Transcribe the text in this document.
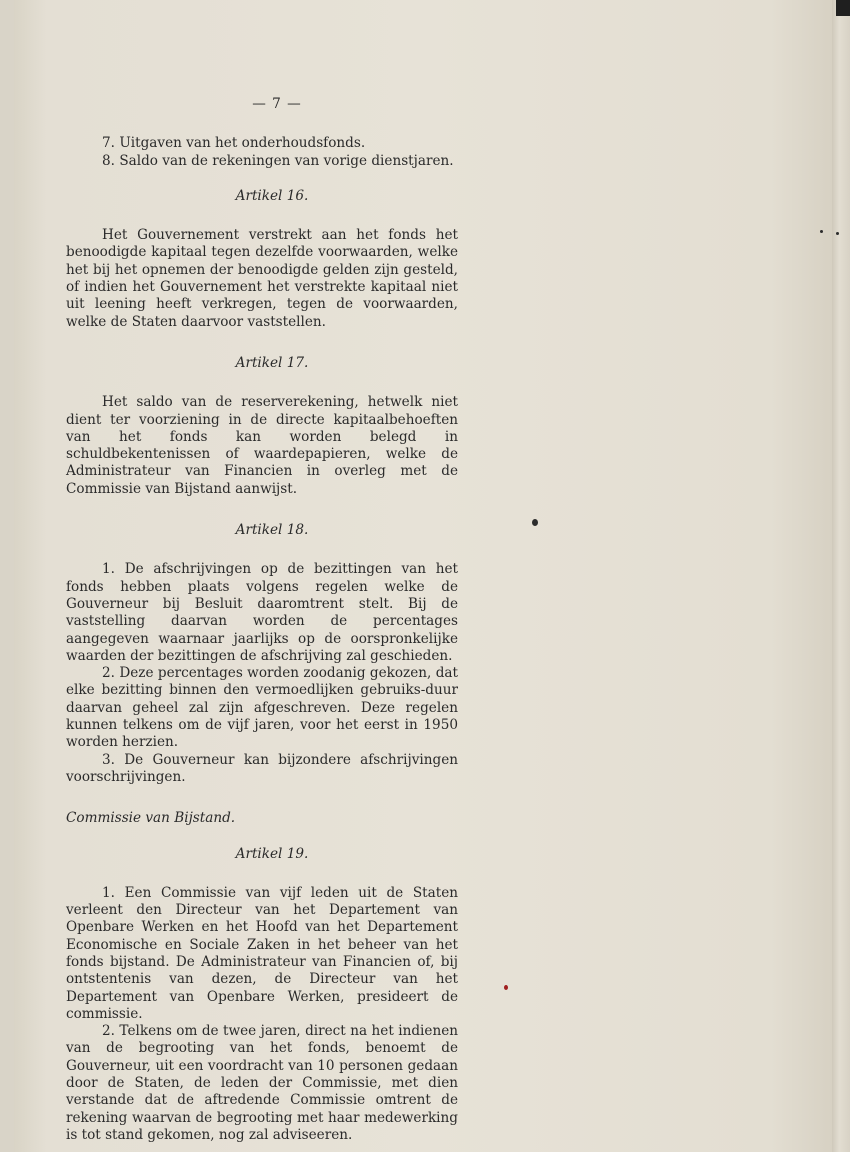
— 7 —
7. Uitgaven van het onderhoudsfonds.
8. Saldo van de rekeningen van vorige dienstjaren.
Artikel 16.
Het Gouvernement verstrekt aan het fonds het benoodigde kapitaal tegen dezelfde voorwaarden, welke het bij het opnemen der benoodigde gelden zijn gesteld, of indien het Gouvernement het verstrekte kapitaal niet uit leening heeft verkregen, tegen de voorwaarden, welke de Staten daarvoor vaststellen.
Artikel 17.
Het saldo van de reserverekening, hetwelk niet dient ter voorziening in de directe kapitaalbehoeften van het fonds kan worden belegd in schuldbekentenissen of waardepapieren, welke de Administrateur van Financien in overleg met de Commissie van Bijstand aanwijst.
Artikel 18.
1. De afschrijvingen op de bezittingen van het fonds hebben plaats volgens regelen welke de Gouverneur bij Besluit daaromtrent stelt. Bij de vaststelling daarvan worden de percentages aangegeven waarnaar jaarlijks op de oorspronkelijke waarden der bezittingen de afschrijving zal geschieden.
2. Deze percentages worden zoodanig gekozen, dat elke bezitting binnen den vermoedlijken gebruiks-duur daarvan geheel zal zijn afgeschreven. Deze regelen kunnen telkens om de vijf jaren, voor het eerst in 1950 worden herzien.
3. De Gouverneur kan bijzondere afschrijvingen voorschrijvingen.
Commissie van Bijstand.
Artikel 19.
1. Een Commissie van vijf leden uit de Staten verleent den Directeur van het Departement van Openbare Werken en het Hoofd van het Departement Economische en Sociale Zaken in het beheer van het fonds bijstand. De Administrateur van Financien of, bij ontstentenis van dezen, de Directeur van het Departement van Openbare Werken, presideert de commissie.
2. Telkens om de twee jaren, direct na het indienen van de begrooting van het fonds, benoemt de Gouverneur, uit een voordracht van 10 personen gedaan door de Staten, de leden der Commissie, met dien verstande dat de aftredende Commissie omtrent de rekening waarvan de begrooting met haar medewerking is tot stand gekomen, nog zal adviseeren.
